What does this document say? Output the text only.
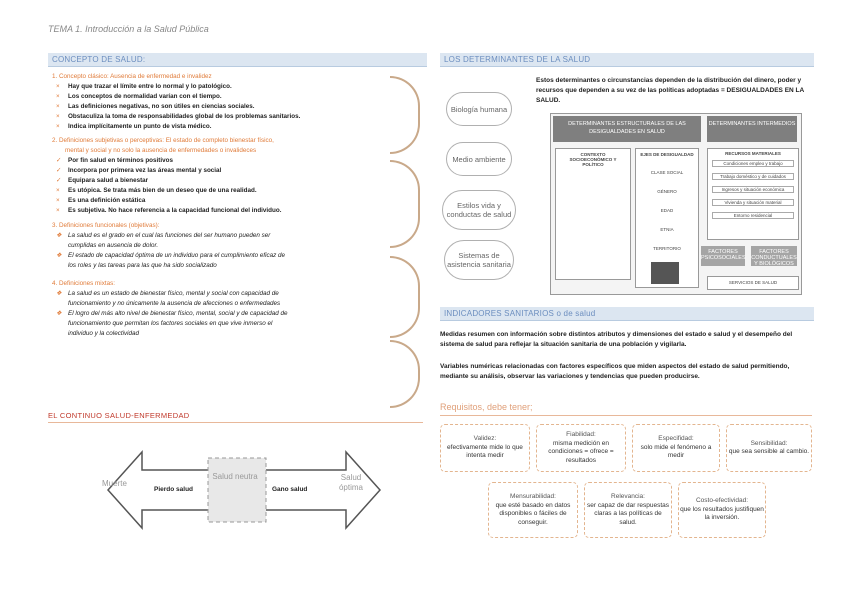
TEMA 1. Introducción a la Salud Pública
CONCEPTO DE SALUD:
1. Concepto clásico: Ausencia de enfermedad e invalidez
× Hay que trazar el límite entre lo normal y lo patológico.
× Los conceptos de normalidad varían con el tiempo.
× Las definiciones negativas, no son útiles en ciencias sociales.
× Obstaculiza la toma de responsabilidades global de los problemas sanitarios.
× Indica implícitamente un punto de vista médico.
2. Definiciones subjetivas o perceptivas: El estado de completo bienestar físico,
mental y social y no solo la ausencia de enfermedades o invalideces
✓ Por fin salud en términos positivos
✓ Incorpora por primera vez las áreas mental y social
✓ Equipara salud a bienestar
× Es utópica. Se trata más bien de un deseo que de una realidad.
× Es una definición estática
× Es subjetiva. No hace referencia a la capacidad funcional del individuo.
3. Definiciones funcionales (objetivas):
❖ La salud es el grado en el cual las funciones del ser humano pueden ser
cumplidas en ausencia de dolor.
❖ El estado de capacidad óptima de un individuo para el cumplimiento eficaz de
los roles y las tareas para las que ha sido socializado
4. Definiciones mixtas:
❖ La salud es un estado de bienestar físico, mental y social con capacidad de
funcionamiento y no únicamente la ausencia de afecciones o enfermedades
❖ El logro del más alto nivel de bienestar físico, mental, social y de capacidad de
funcionamiento que permitan los factores sociales en que vive inmerso el
individuo y la colectividad
EL CONTINUO SALUD-ENFERMEDAD
Muerte
Pierdo salud
Salud neutra
Gano salud
Salud óptima
LOS DETERMINANTES DE LA SALUD
Biología humana
Medio ambiente
Estilos vida y conductas de salud
Sistemas de asistencia sanitaria
Estos determinantes o circunstancias dependen de la distribución del dinero, poder y recursos que dependen a su vez de las políticas adoptadas = DESIGUALDADES EN LA SALUD.
DETERMINANTES ESTRUCTURALES DE LAS DESIGUALDADES EN SALUD
DETERMINANTES INTERMEDIOS
CONTEXTO SOCIOECONÓMICO Y POLÍTICO
EJES DE DESIGUALDAD
CLASE SOCIAL
GÉNERO
EDAD
ETNIA
TERRITORIO
RECURSOS MATERIALES
Condiciones empleo y trabajo
Trabajo doméstico y de cuidados
Ingresos y situación económica
Vivienda y situación material
Entorno residencial
FACTORES PSICOSOCIALES
FACTORES CONDUCTUALES Y BIOLÓGICOS
SERVICIOS DE SALUD
INDICADORES SANITARIOS o de salud
Medidas resumen con información sobre distintos atributos y dimensiones del estado e salud y el desempeño del sistema de salud para reflejar la situación sanitaria de una población y vigilarla.
Variables numéricas relacionadas con factores específicos que miden aspectos del estado de salud permitiendo, mediante su análisis, observar las variaciones y tendencias que pueden producirse.
Requisitos, debe tener;
Validez:
efectivamente mide lo que intenta medir
Fiabilidad:
misma medición en condiciones = ofrece = resultados
Especifidad:
solo mide el fenómeno a medir
Sensibilidad:
que sea sensible al cambio.
Mensurabilidad:
que esté basado en datos disponibles o fáciles de conseguir.
Relevancia:
ser capaz de dar respuestas claras a las políticas de salud.
Costo-efectividad:
que los resultados justifiquen la inversión.
